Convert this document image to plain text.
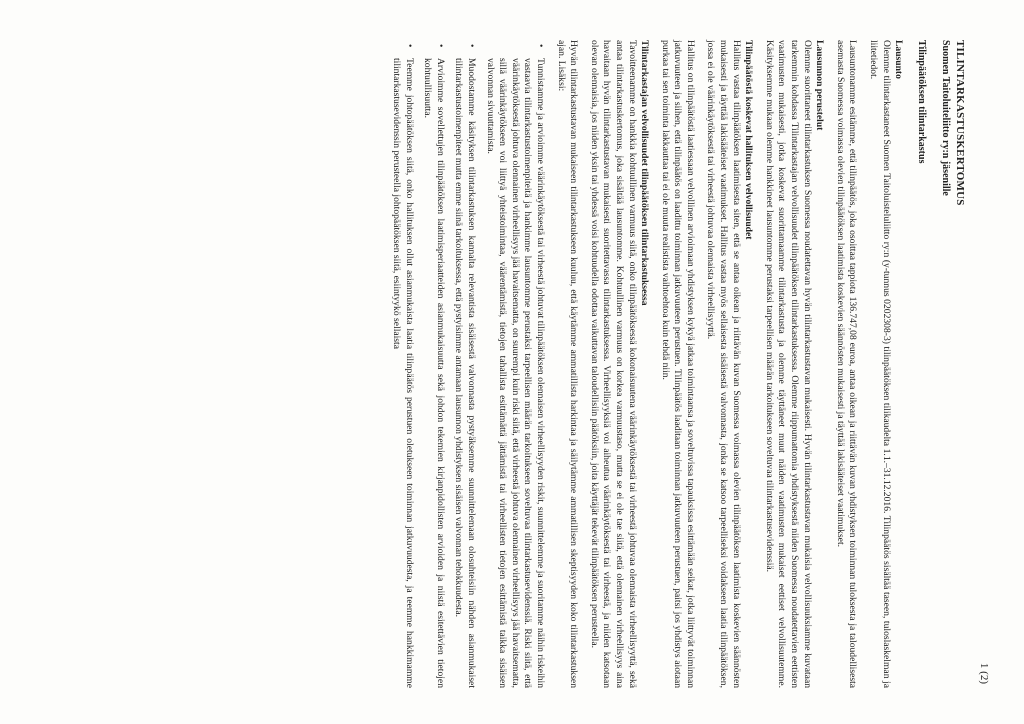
1 (2)
TILINTARKASTUSKERTOMUS
Suomen Taitoluiteliitto ry:n jäsenille
Tilinpäätöksen tilintarkastus
Lausunto

Olemme tilintarkastaneet Suomen Taitoluisteluliitto ry:n (y-tunnus 0202308-3) tilinpäätöksen tilikaudelta 1.1.–31.12.2016. Tilinpäätös sisältää taseen, tuloslaskelman ja liitetiedot.

Lausuntonamme esitämme, että tilinpäätös, joka osoittaa tappiota 136.747,08 euroa, antaa oikean ja riittävän kuvan yhdistyksen toiminnan tuloksesta ja taloudellisesta asemasta Suomessa voimassa olevien tilinpäätöksen laatimista koskevien säännösten mukaisesti ja täyttää lakisääteiset vaatimukset.

Lausunnon perustelut

Olemme suorittaneet tilintarkastuksen Suomessa noudatettavan hyvän tilintarkastustavan mukaisesti. Hyvän tilintarkastustavan mukaisia velvollisuuksiamme kuvataan tarkemmin kohdassa Tilintarkastajan velvollisuudet tilinpäätöksen tilintarkastuksessa. Olemme riippumattomia yhdistyksestä niiden Suomessa noudatettavien eettisten vaatimusten mukaisesti, jotka koskevat suorittamaamme tilintarkastusta ja olemme täyttäneet muut näiden vaatimusten mukaiset eettiset velvollisuutemme. Käsityksemme mukaan olemme hankkineet lausuntomme perustaksi tarpeellisen määrän tarkoitukseen soveltuvaa tilintarkastusevidenssiä.

Tilinpäätöstä koskevat hallituksen velvollisuudet

Hallitus vastaa tilinpäätöksen laatimisesta siten, että se antaa oikean ja riittävän kuvan Suomessa voimassa olevien tilinpäätöksen laatimista koskevien säännösten mukaisesti ja täyttää lakisääteiset vaatimukset. Hallitus vastaa myös sellaisesta sisäisestä valvonnasta, jonka se katsoo tarpeelliseksi voidakseen laatia tilinpäätöksen, jossa ei ole väärinkäytöksestä tai virheestä johtuvaa olennaista virheellisyyttä.

Hallitus on tilinpäätöstä laatiessaan velvollinen arvioimaan yhdistyksen kykyä jatkaa toimintaansa ja soveltuvissa tapauksissa esittämään seikat, jotka liittyvät toiminnan jatkuvuuteen ja siihen, että tilinpäätös on laadittu toiminnan jatkuvuuteen perustuen. Tilinpäätös laaditaan toiminnan jatkuvuuteen perustuen, paitsi jos yhdistys aiotaan purkaa tai sen toiminta lakkauttaa tai ei ole muuta realistista vaihtoehtoa kuin tehdä niin.

Tilintarkastajan velvollisuudet tilinpäätöksen tilintarkastuksessa

Tavoitteenamme on hankkia kohtuullinen varmuus siitä, onko tilinpäätöksessä kokonaisuutena väärinkäytöksestä tai virheestä johtuvaa olennaista virheellisyyttä, sekä antaa tilintarkastuskertomus, joka sisältää lausuntomme. Kohtuullinen varmuus on korkea varmuustaso, mutta se ei ole tae siitä, että olennainen virheellisyys aina havaitaan hyvän tilintarkastustavan mukaisesti suoritettavassa tilintarkastuksessa. Virheellisyyksiä voi aiheutua väärinkäytöksestä tai virheestä, ja niiden katsotaan olevan olennaisia, jos niiden yksin tai yhdessä voisi kohtuudella odottaa vaikuttavan taloudellisiin päätöksiin, joita käyttäjät tekevät tilinpäätöksen perusteella.

Hyvän tilintarkastustavan mukaiseen tilintarkastukseen kuuluu, että käytämme ammatillista harkintaa ja säilytämme ammatillisen skeptisyyden koko tilintarkastuksen ajan. Lisäksi:

•
Tunnistamme ja arvioimme väärinkäytöksestä tai virheestä johtuvat tilinpäätöksen olennaisen virheellisyyden riskit, suunnittelemme ja suoritamme näihin riskeihin vastaavia tilintarkastustoimenpiteitä ja hankimme lausuntomme perustaksi tarpeellisen määrän tarkoitukseen soveltuvaa tilintarkastusevidenssiä. Riski siitä, että väärinkäytöksestä johtuva olennainen virheellisyys jää havaitsematta, on suurempi kuin riski siitä, että virheestä johtuva olennainen virheellisyys jää havaitsematta, sillä väärinkäytökseen voi liittyä yhteistoimintaa, väärentämistä, tietojen tahallista esittämättä jättämistä tai virheellisten tietojen esittämistä taikka sisäisen valvonnan sivuuttamista.
•
Muodostamme käsityksen tilintarkastuksen kannalta relevantista sisäisestä valvonnasta pystyäksemme suunnittelemaan olosuhteisiin nähden asianmukaiset tilintarkastustoimenpiteet mutta emme siinä tarkoituksessa, että pystyisimme antamaan lausunnon yhdistyksen sisäisen valvonnan tehokkuudesta.
•
Arvioimme sovellettujen tilinpäätöksen laatimisperiaatteiden asianmukaisuutta sekä johdon tekemien kirjanpidollisten arvioiden ja niistä esitettävien tietojen kohtuullisuutta.
•
Teemme johtopäätöksen siitä, onko hallituksen ollut asianmukaista laatia tilinpäätös perustuen oletukseen toiminnan jatkuvuudesta, ja teemme hankkimamme tilintarkastusevidenssin perusteella johtopäätöksen siitä, esiintyykö sellaista
